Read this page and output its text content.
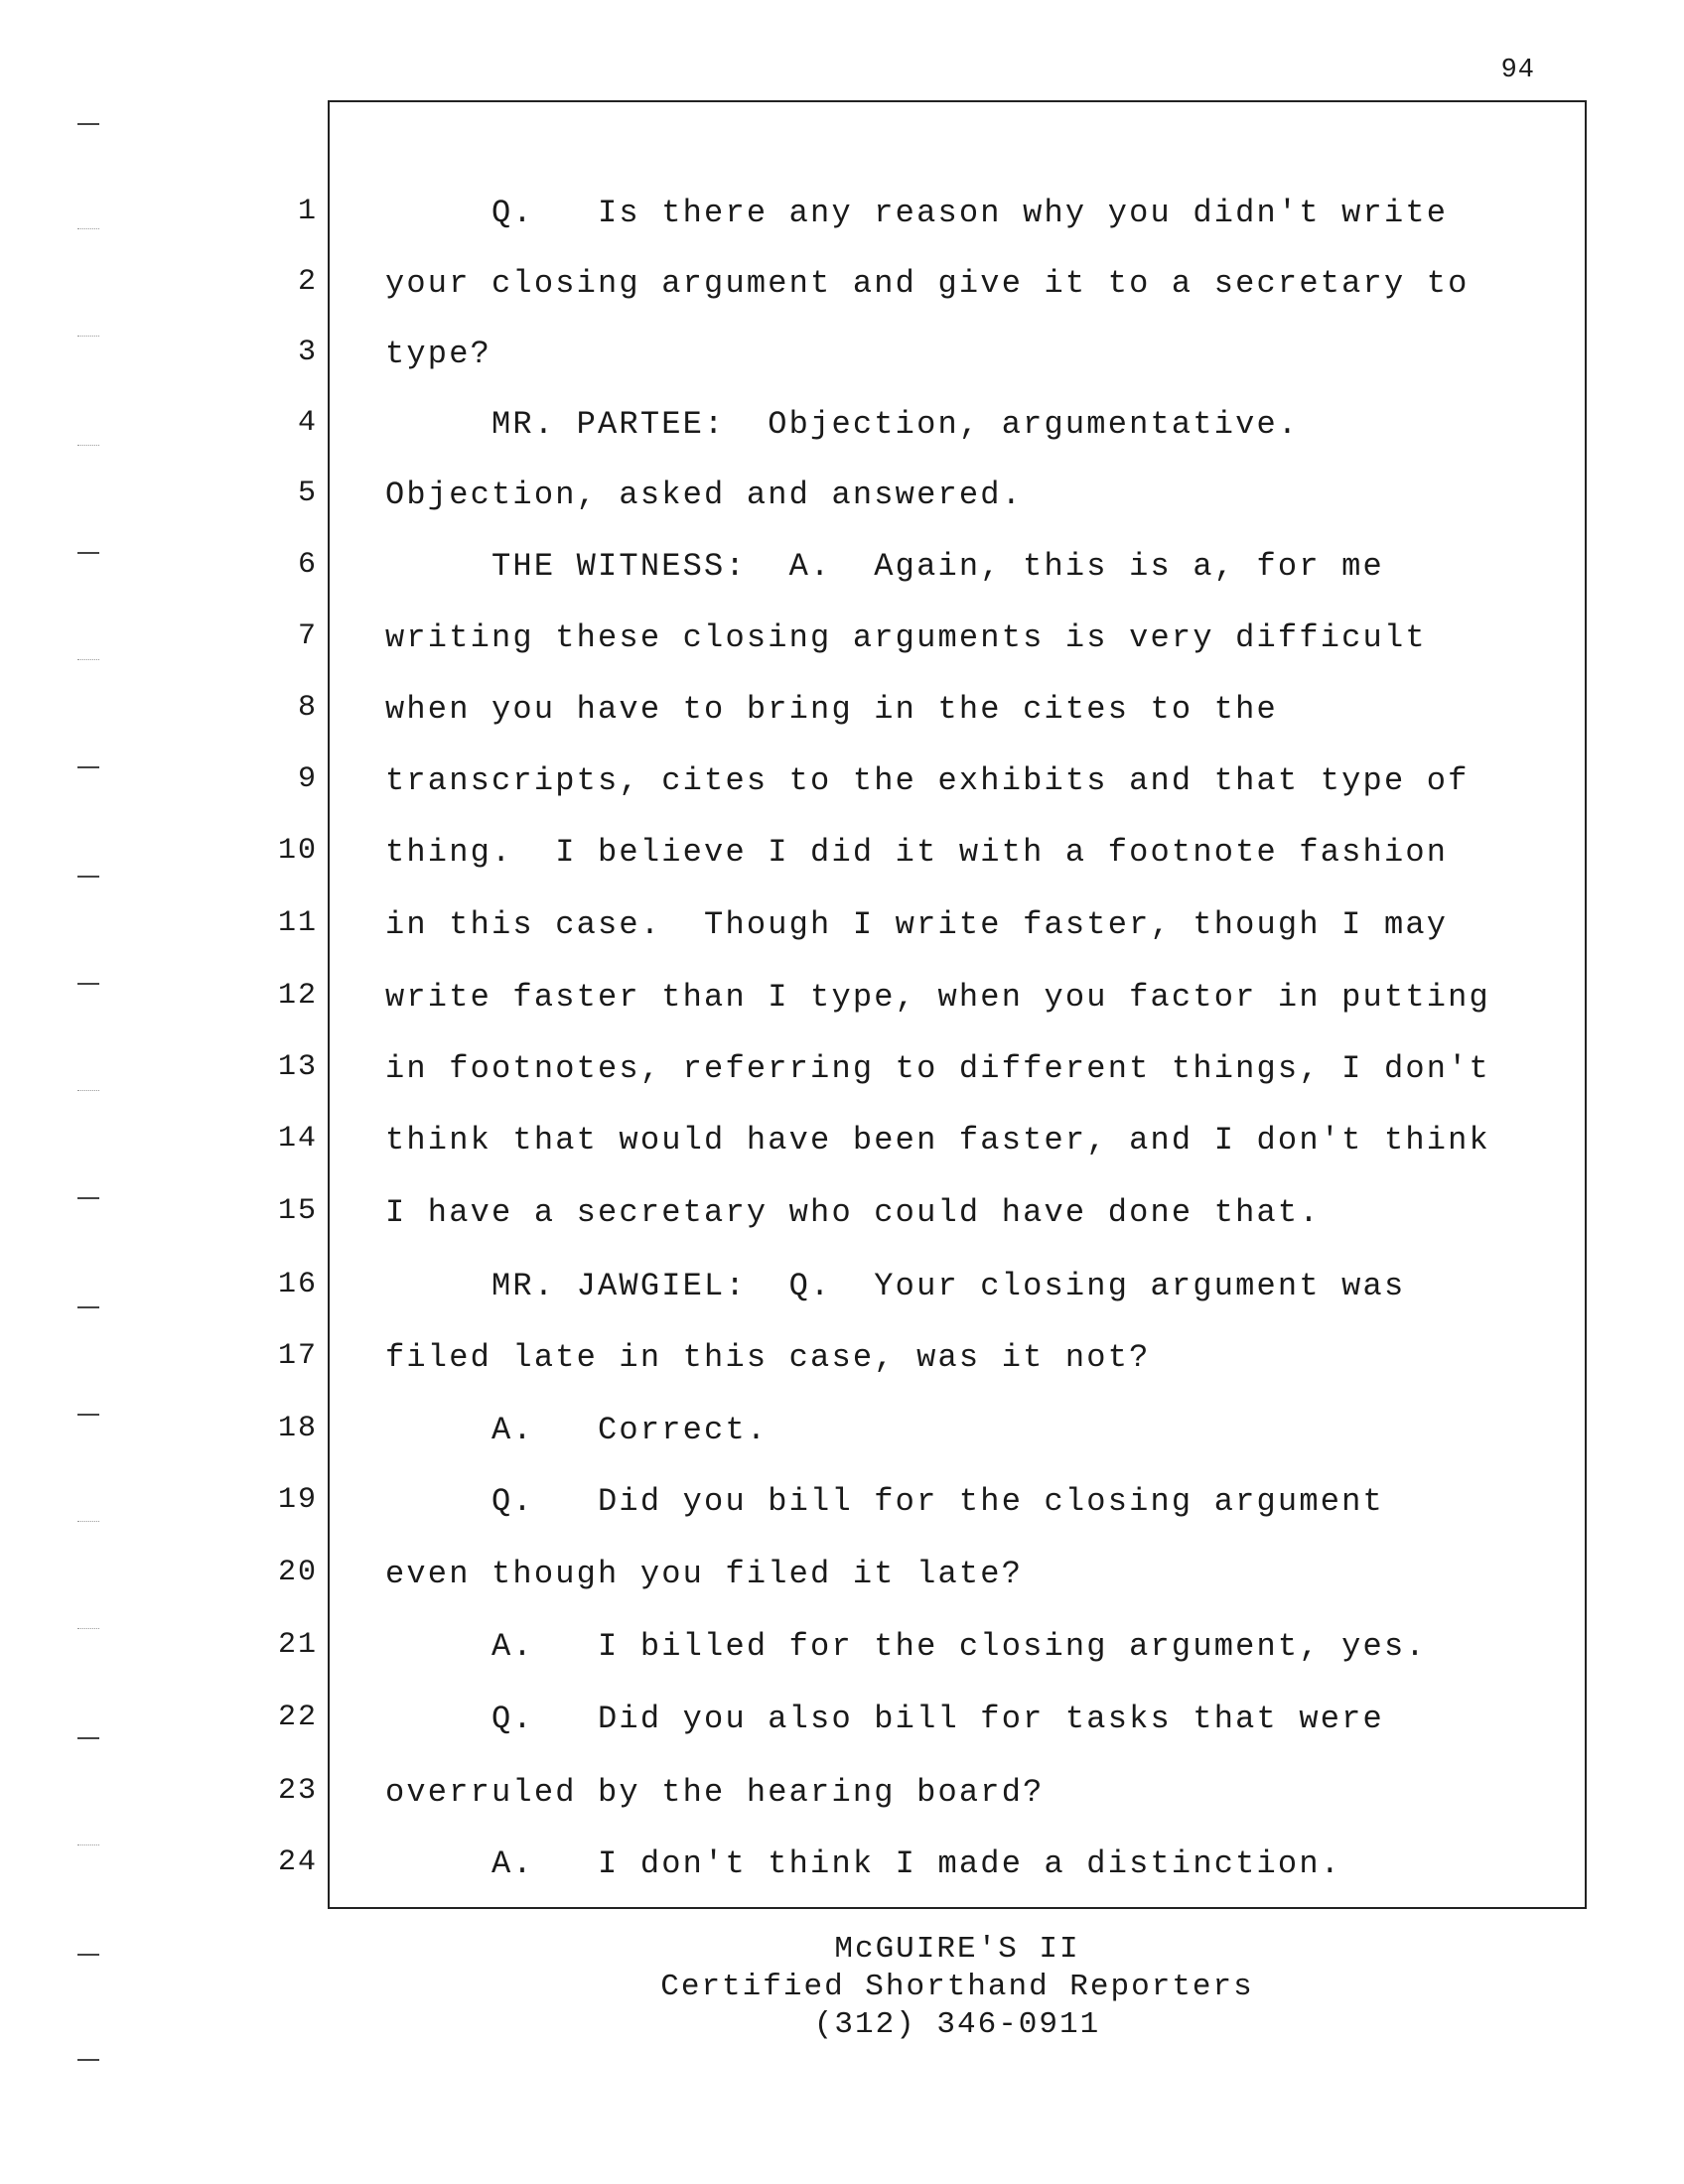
94
1 Q.   Is there any reason why you didn't write
2 your closing argument and give it to a secretary to
3 type?
4 MR. PARTEE:  Objection, argumentative.
5 Objection, asked and answered.
6 THE WITNESS:  A.  Again, this is a, for me
7 writing these closing arguments is very difficult
8 when you have to bring in the cites to the
9 transcripts, cites to the exhibits and that type of
10 thing.  I believe I did it with a footnote fashion
11 in this case.  Though I write faster, though I may
12 write faster than I type, when you factor in putting
13 in footnotes, referring to different things, I don't
14 think that would have been faster, and I don't think
15 I have a secretary who could have done that.
16 MR. JAWGIEL:  Q.  Your closing argument was
17 filed late in this case, was it not?
18 A.   Correct.
19 Q.   Did you bill for the closing argument
20 even though you filed it late?
21 A.   I billed for the closing argument, yes.
22 Q.   Did you also bill for tasks that were
23 overruled by the hearing board?
24 A.   I don't think I made a distinction.
McGUIRE'S II
Certified Shorthand Reporters
(312) 346-0911
